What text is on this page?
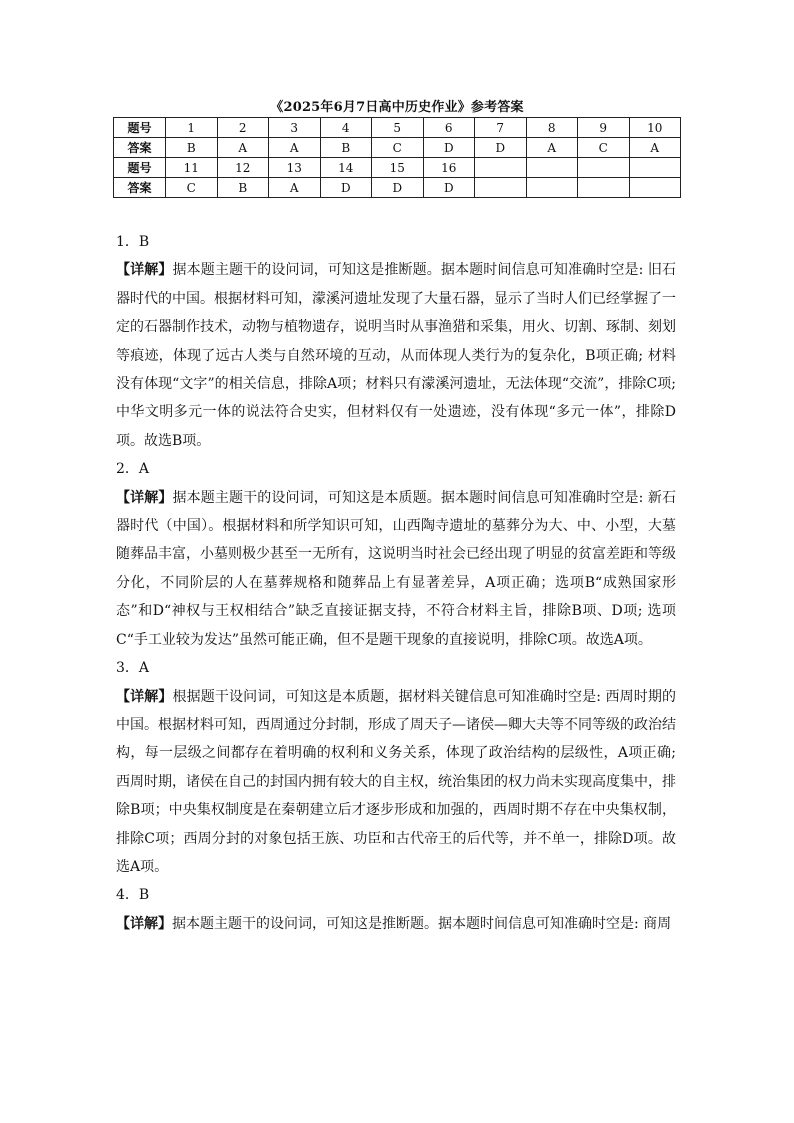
《2025年6月7日高中历史作业》参考答案
题号	1	2	3	4	5	6	7	8	9	10
答案	B	A	A	B	C	D	D	A	C	A
题号	11	12	13	14	15	16				
答案	C	B	A	D	D	D				

1．B

【详解】据本题主题干的设问词，可知这是推断题。据本题时间信息可知准确时空是: 旧石器时代的中国。根据材料可知，濛溪河遗址发现了大量石器，显示了当时人们已经掌握了一定的石器制作技术，动物与植物遗存，说明当时从事渔猎和采集，用火、切割、琢制、刻划等痕迹，体现了远古人类与自然环境的互动，从而体现人类行为的复杂化，B项正确; 材料没有体现“文字”的相关信息，排除A项；材料只有濛溪河遗址，无法体现“交流”，排除C项; 中华文明多元一体的说法符合史实，但材料仅有一处遗迹，没有体现“多元一体”，排除D项。故选B项。

2．A

【详解】据本题主题干的设问词，可知这是本质题。据本题时间信息可知准确时空是: 新石器时代（中国）。根据材料和所学知识可知，山西陶寺遗址的墓葬分为大、中、小型，大墓随葬品丰富，小墓则极少甚至一无所有，这说明当时社会已经出现了明显的贫富差距和等级分化，不同阶层的人在墓葬规格和随葬品上有显著差异，A项正确；选项B“成熟国家形态”和D“神权与王权相结合”缺乏直接证据支持，不符合材料主旨，排除B项、D项; 选项C“手工业较为发达”虽然可能正确，但不是题干现象的直接说明，排除C项。故选A项。

3．A

【详解】根据题干设问词，可知这是本质题，据材料关键信息可知准确时空是: 西周时期的中国。根据材料可知，西周通过分封制，形成了周天子—诸侯—卿大夫等不同等级的政治结构，每一层级之间都存在着明确的权利和义务关系，体现了政治结构的层级性，A项正确; 西周时期，诸侯在自己的封国内拥有较大的自主权，统治集团的权力尚未实现高度集中，排除B项；中央集权制度是在秦朝建立后才逐步形成和加强的，西周时期不存在中央集权制，排除C项；西周分封的对象包括王族、功臣和古代帝王的后代等，并不单一，排除D项。故选A项。

4．B

【详解】据本题主题干的设问词，可知这是推断题。据本题时间信息可知准确时空是: 商周
